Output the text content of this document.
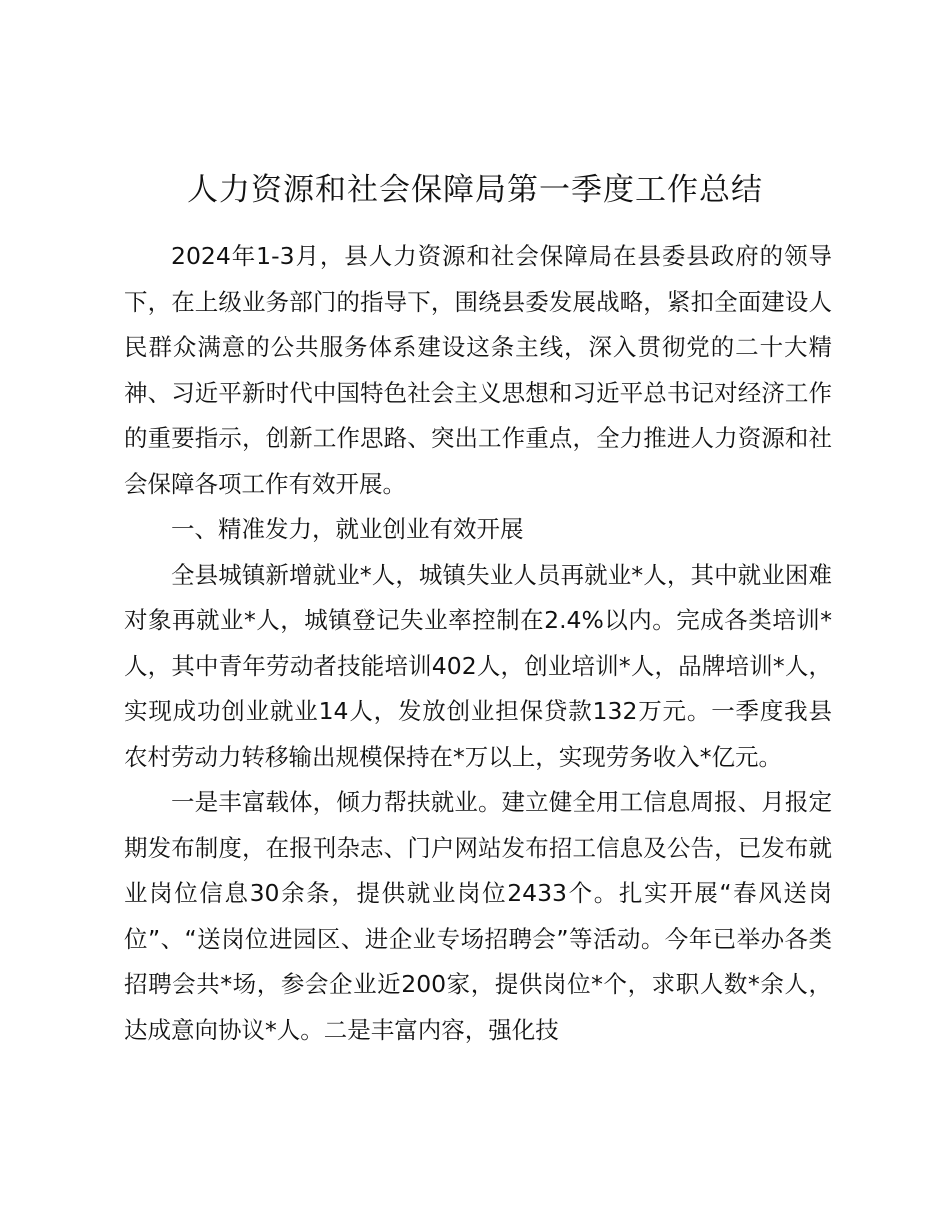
人力资源和社会保障局第一季度工作总结

2024年1-3月，县人力资源和社会保障局在县委县政府的领导下，在上级业务部门的指导下，围绕县委发展战略，紧扣全面建设人民群众满意的公共服务体系建设这条主线，深入贯彻党的二十大精神、习近平新时代中国特色社会主义思想和习近平总书记对经济工作的重要指示，创新工作思路、突出工作重点，全力推进人力资源和社会保障各项工作有效开展。

一、精准发力，就业创业有效开展

全县城镇新增就业*人，城镇失业人员再就业*人，其中就业困难对象再就业*人，城镇登记失业率控制在2.4%以内。完成各类培训*人，其中青年劳动者技能培训402人，创业培训*人，品牌培训*人，实现成功创业就业14人，发放创业担保贷款132万元。一季度我县农村劳动力转移输出规模保持在*万以上，实现劳务收入*亿元。

一是丰富载体，倾力帮扶就业。建立健全用工信息周报、月报定期发布制度，在报刊杂志、门户网站发布招工信息及公告，已发布就业岗位信息30余条，提供就业岗位2433个。扎实开展“春风送岗位”、“送岗位进园区、进企业专场招聘会”等活动。今年已举办各类招聘会共*场，参会企业近200家，提供岗位*个，求职人数*余人，达成意向协议*人。二是丰富内容，强化技
